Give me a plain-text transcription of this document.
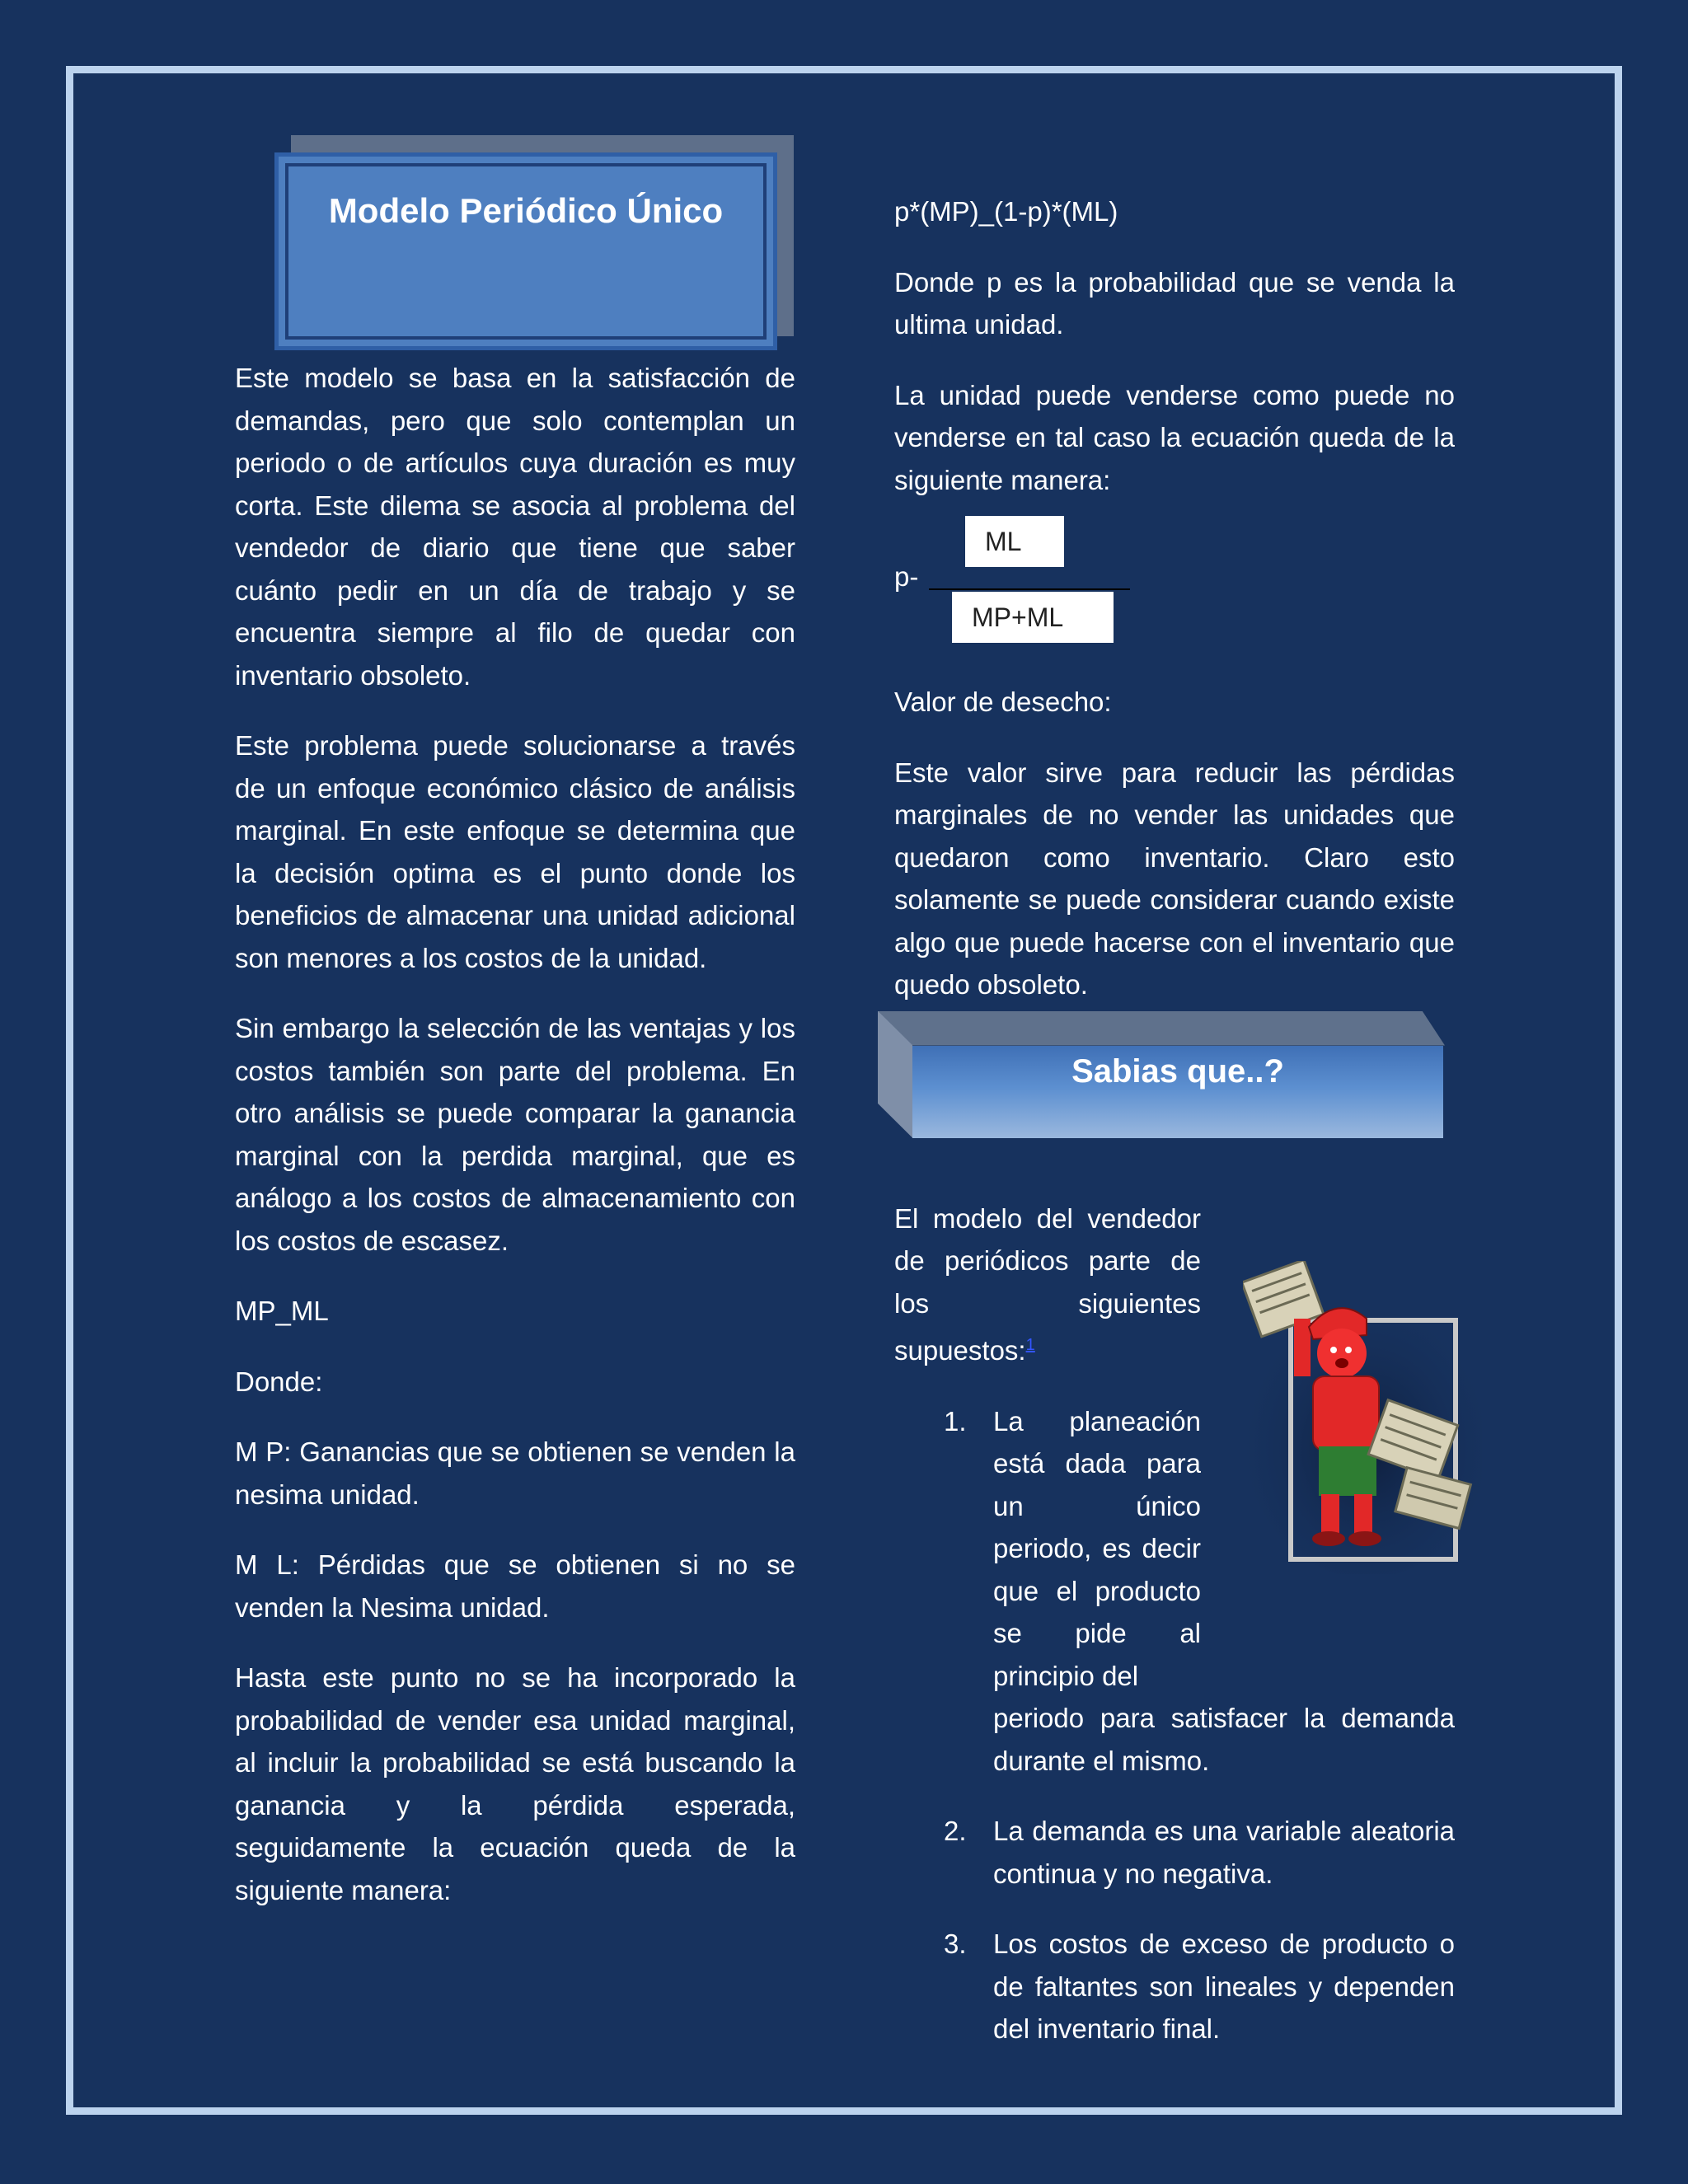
Modelo Periódico Único

Este modelo se basa en la satisfacción de demandas, pero que solo contemplan un periodo o de artículos cuya duración es muy corta. Este dilema se asocia al problema del vendedor de diario que tiene que saber cuánto pedir en un día de trabajo y se encuentra siempre al filo de quedar con inventario obsoleto.

Este problema puede solucionarse a través de un enfoque económico clásico de análisis marginal. En este enfoque se determina que la decisión optima es el punto donde los beneficios de almacenar una unidad adicional son menores a los costos de la unidad.

Sin embargo la selección de las ventajas y los costos también son parte del problema. En otro análisis se puede comparar la ganancia marginal con la perdida marginal, que es análogo a los costos de almacenamiento con los costos de escasez.

MP_ML

Donde:

M P: Ganancias que se obtienen se venden la nesima unidad.

M L: Pérdidas que se obtienen si no se venden la Nesima unidad.

Hasta este punto no se ha incorporado la probabilidad de vender esa unidad marginal, al incluir la probabilidad se está buscando la ganancia y la pérdida esperada, seguidamente la ecuación queda de la siguiente manera:

p*(MP)_(1-p)*(ML)

Donde p es la probabilidad que se venda la ultima unidad.

La unidad puede venderse como puede no venderse en tal caso la ecuación queda de la siguiente manera:

p-
ML
MP+ML

Valor de desecho:

Este valor sirve para reducir las pérdidas marginales de no vender las unidades que quedaron como inventario. Claro esto solamente se puede considerar cuando existe algo que puede hacerse con el inventario que quedo obsoleto.

Sabias que..?

El modelo del vendedor de periódicos parte de los siguientes supuestos:$^1$

1. La planeación está dada para un único periodo, es decir que el producto se pide al principio del
periodo para satisfacer la demanda durante el mismo.
2. La demanda es una variable aleatoria continua y no negativa.
3. Los costos de exceso de producto o de faltantes son lineales y dependen del inventario final.
